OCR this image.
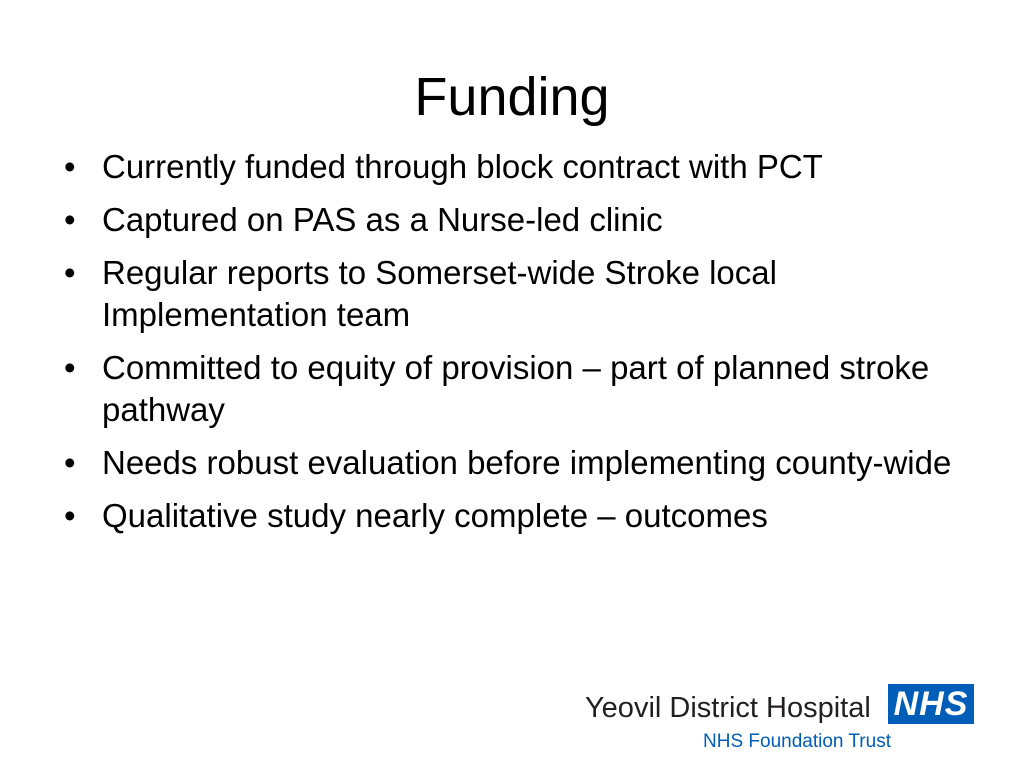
Funding
• Currently funded through block contract with PCT
• Captured on PAS as a Nurse-led clinic
• Regular reports to Somerset-wide Stroke local Implementation team
• Committed to equity of provision – part of planned stroke pathway
• Needs robust evaluation before implementing county-wide
• Qualitative study nearly complete – outcomes
Yeovil District Hospital NHS
NHS Foundation Trust
